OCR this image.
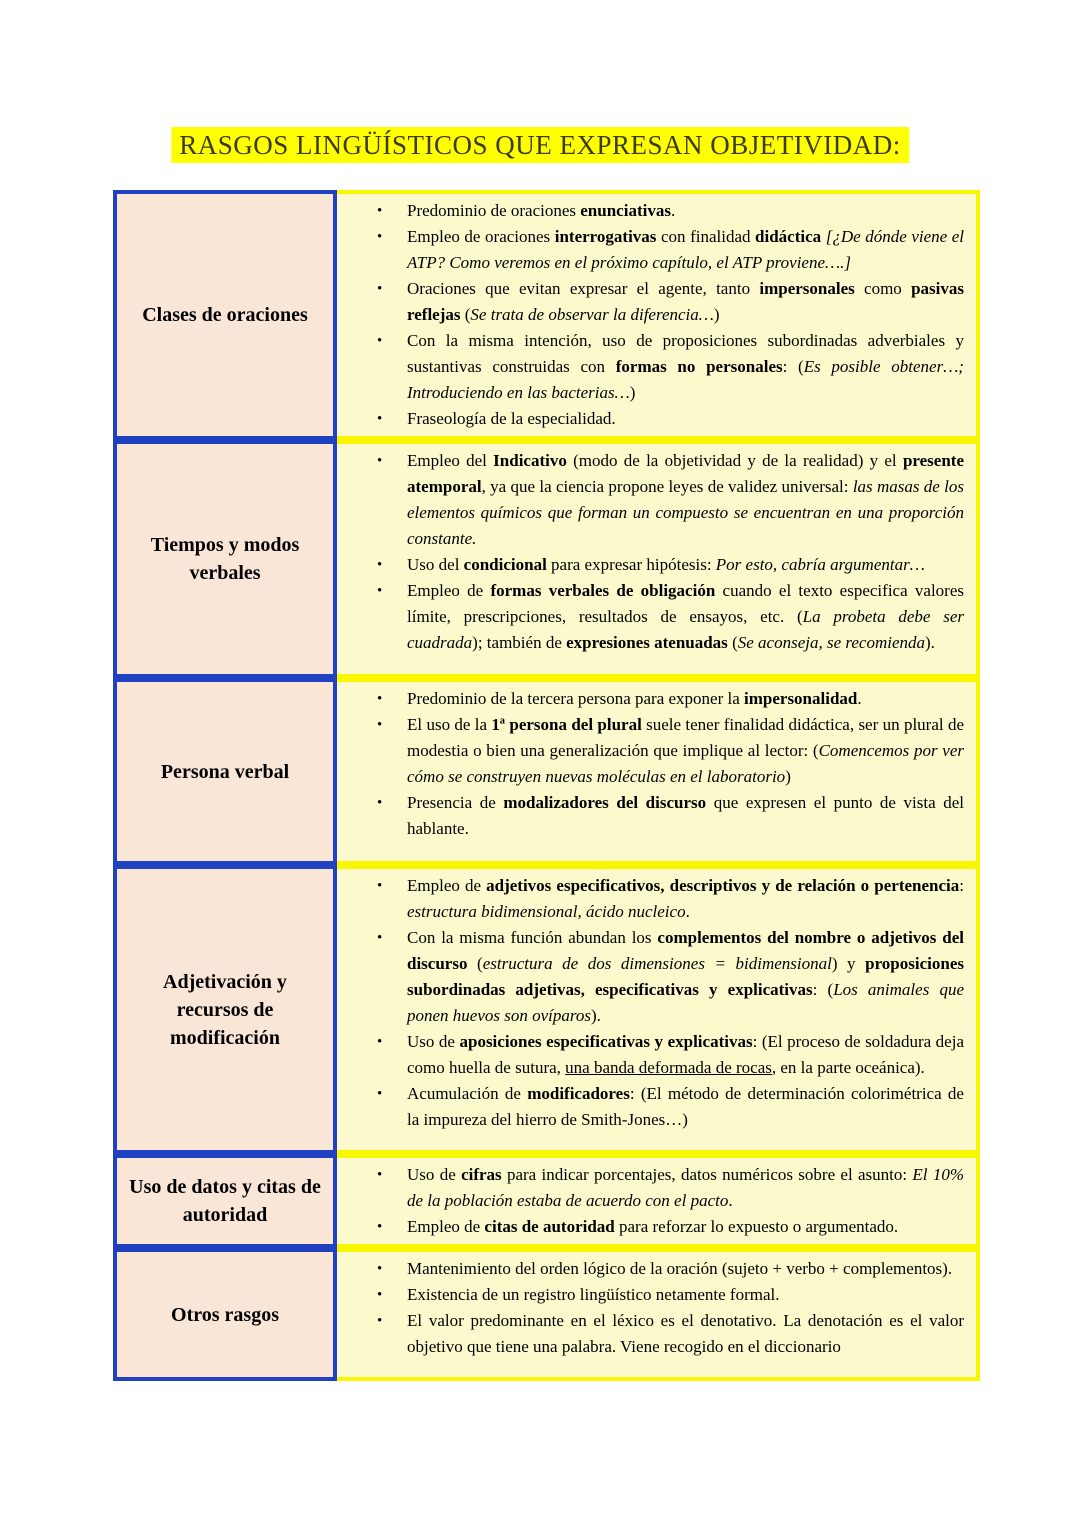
RASGOS LINGÜÍSTICOS QUE EXPRESAN OBJETIVIDAD:
Clases de oraciones
• Predominio de oraciones enunciativas.
• Empleo de oraciones interrogativas con finalidad didáctica [¿De dónde viene el ATP? Como veremos en el próximo capítulo, el ATP proviene….]
• Oraciones que evitan expresar el agente, tanto impersonales como pasivas reflejas (Se trata de observar la diferencia…)
• Con la misma intención, uso de proposiciones subordinadas adverbiales y sustantivas construidas con formas no personales: (Es posible obtener…; Introduciendo en las bacterias…)
• Fraseología de la especialidad.
Tiempos y modos verbales
• Empleo del Indicativo (modo de la objetividad y de la realidad) y el presente atemporal, ya que la ciencia propone leyes de validez universal: las masas de los elementos químicos que forman un compuesto se encuentran en una proporción constante.
• Uso del condicional para expresar hipótesis: Por esto, cabría argumentar…
• Empleo de formas verbales de obligación cuando el texto especifica valores límite, prescripciones, resultados de ensayos, etc. (La probeta debe ser cuadrada); también de expresiones atenuadas (Se aconseja, se recomienda).
Persona verbal
• Predominio de la tercera persona para exponer la impersonalidad.
• El uso de la 1ª persona del plural suele tener finalidad didáctica, ser un plural de modestia o bien una generalización que implique al lector: (Comencemos por ver cómo se construyen nuevas moléculas en el laboratorio)
• Presencia de modalizadores del discurso que expresen el punto de vista del hablante.
Adjetivación y recursos de modificación
• Empleo de adjetivos especificativos, descriptivos y de relación o pertenencia: estructura bidimensional, ácido nucleico.
• Con la misma función abundan los complementos del nombre o adjetivos del discurso (estructura de dos dimensiones = bidimensional) y proposiciones subordinadas adjetivas, especificativas y explicativas: (Los animales que ponen huevos son ovíparos).
• Uso de aposiciones especificativas y explicativas: (El proceso de soldadura deja como huella de sutura, una banda deformada de rocas, en la parte oceánica).
• Acumulación de modificadores: (El método de determinación colorimétrica de la impureza del hierro de Smith-Jones…)
Uso de datos y citas de autoridad
• Uso de cifras para indicar porcentajes, datos numéricos sobre el asunto: El 10% de la población estaba de acuerdo con el pacto.
• Empleo de citas de autoridad para reforzar lo expuesto o argumentado.
Otros rasgos
• Mantenimiento del orden lógico de la oración (sujeto + verbo + complementos).
• Existencia de un registro lingüístico netamente formal.
• El valor predominante en el léxico es el denotativo. La denotación es el valor objetivo que tiene una palabra. Viene recogido en el diccionario
